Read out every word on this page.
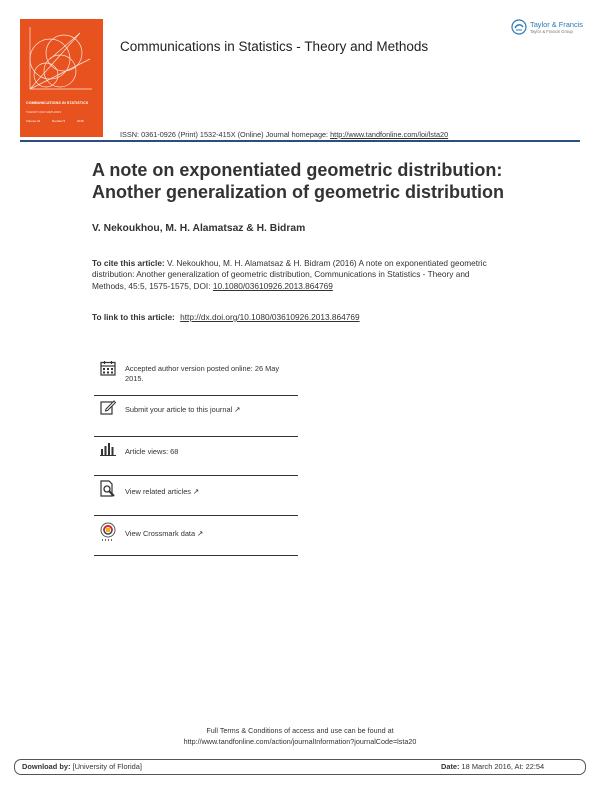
COMMUNICATIONS IN STATISTICS
THEORY AND METHODS
Volume 44	Number 5	2015
Communications in Statistics - Theory and Methods
Taylor & Francis
Taylor & Francis Group
ISSN: 0361-0926 (Print) 1532-415X (Online) Journal homepage: http://www.tandfonline.com/loi/lsta20
A note on exponentiated geometric distribution:
Another generalization of geometric distribution
V. Nekoukhou, M. H. Alamatsaz & H. Bidram
To cite this article: V. Nekoukhou, M. H. Alamatsaz & H. Bidram (2016) A note on exponentiated geometric distribution: Another generalization of geometric distribution, Communications in Statistics - Theory and Methods, 45:5, 1575-1575, DOI: 10.1080/03610926.2013.864769
To link to this article: http://dx.doi.org/10.1080/03610926.2013.864769
Accepted author version posted online: 26 May 2015.
Submit your article to this journal ↗
Article views: 68
View related articles ↗
View Crossmark data ↗
Full Terms & Conditions of access and use can be found at
http://www.tandfonline.com/action/journalInformation?journalCode=lsta20
Download by: [University of Florida]	Date: 18 March 2016, At: 22:54
